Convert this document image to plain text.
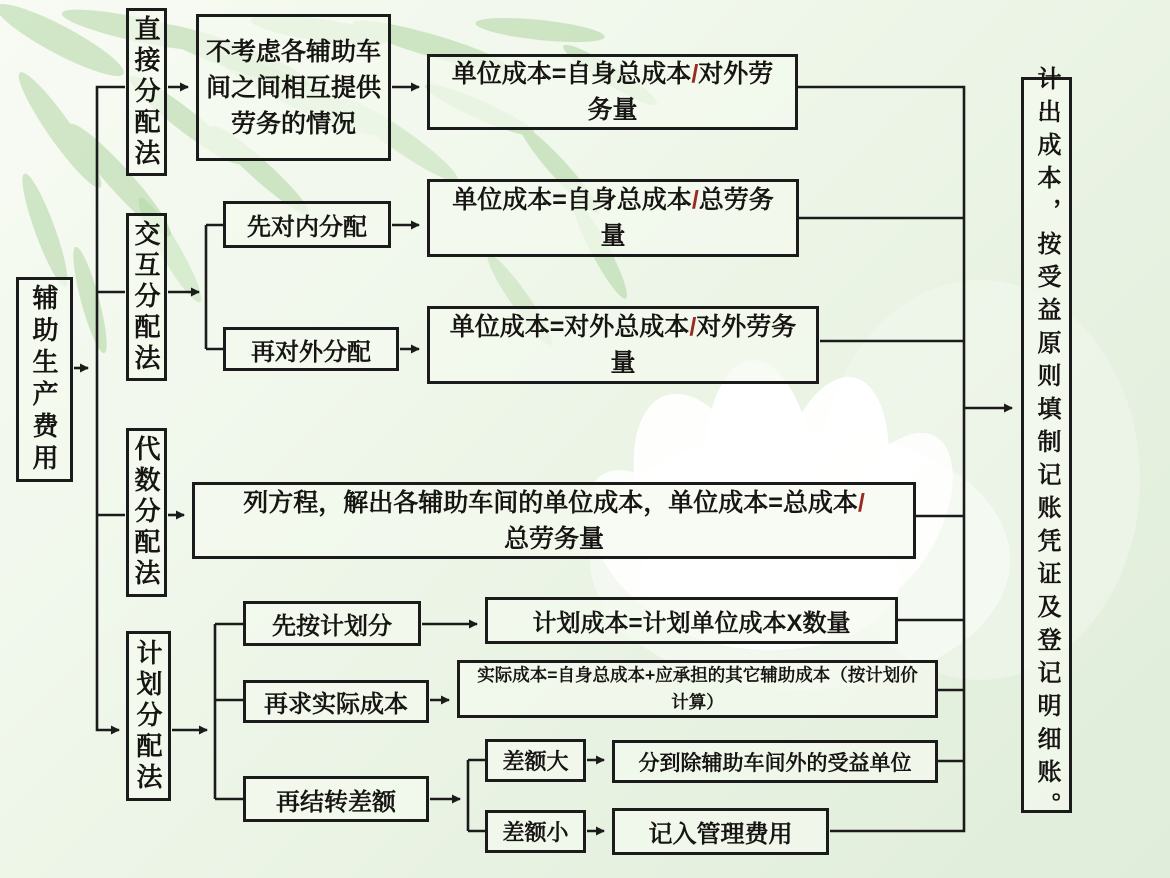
辅助生产费用
直接分配法 不考虑各辅助车间之间相互提供劳务的情况
单位成本=自身总成本/对外劳务量
交互分配法	先对内分配
单位成本=自身总成本/总劳务量
再对外分配
单位成本=对外总成本/对外劳务量
代数分配法	列方程，解出各辅助车间的单位成本，单位成本=总成本/总劳务量
计划分配法
先按计划分	计划成本=计划单位成本X数量
再求实际成本
实际成本=自身总成本+应承担的其它辅助成本（按计划价计算）
再结转差额
差额大	分到除辅助车间外的受益单位
差额小	记入管理费用
计出成本，按受益原则填制记账凭证及登记明细账。
